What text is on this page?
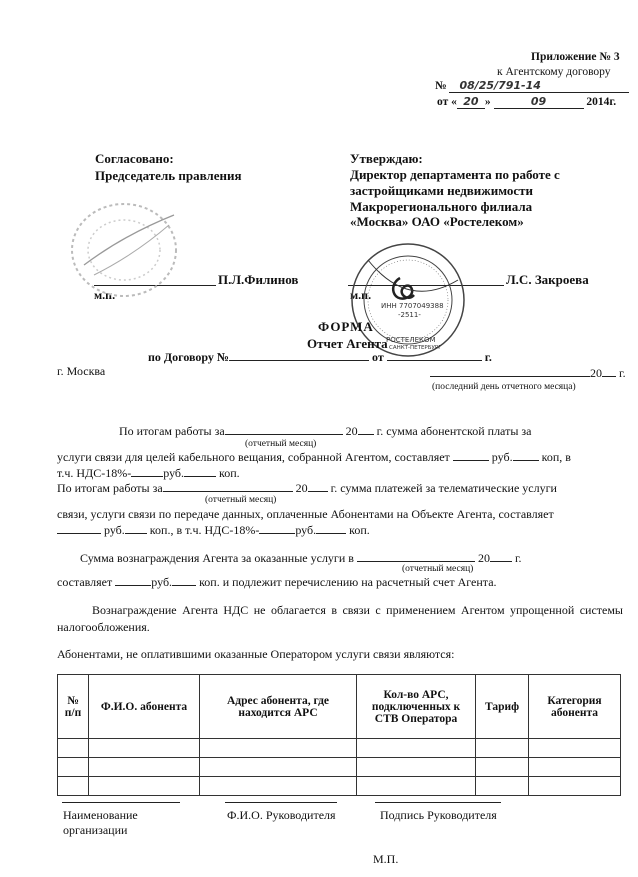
Приложение № 3
к Агентскому договору
№ 08/25/791-14
от « 20 »	09	2014г.
Согласовано:
Председатель правления
П.Л.Филинов
м.п.
Утверждаю:
Директор департамента по работе с
застройщиками недвижимости
Макрорегионального филиала
«Москва» ОАО «Ростелеком»
Л.С. Закроева
м.п.
ИНН 7707049388
-2511-
РОСТЕЛЕКОМ
САНКТ-ПЕТЕРБУРГ
ФОРМА
Отчет Агента
по Договору №	от	г.
г. Москва	20 г.
(последний день отчетного месяца)
По итогам работы за	20 г. сумма абонентской платы за
(отчетный месяц)
услуги связи для целей кабельного вещания, собранной Агентом, составляет	руб. коп, в
т.ч. НДС-18%-	руб.	коп.
По итогам работы за	20 г. сумма платежей за телематические услуги
(отчетный месяц)
связи, услуги связи по передаче данных, оплаченные Абонентами на Объекте Агента, составляет
руб. коп., в т.ч. НДС-18%-	руб.	коп.
Сумма вознаграждения Агента за оказанные услуги в	20 г.
(отчетный месяц)
составляет	руб. коп. и подлежит перечислению на расчетный счет Агента.
Вознаграждение Агента НДС не облагается в связи с применением Агентом упрощенной системы налогообложения.
Абонентами, не оплатившими оказанные Оператором услуги связи являются:
№ п/п	Ф.И.О. абонента	Адрес абонента, где находится АРС	Кол-во АРС, подключенных к СТВ Оператора	Тариф	Категория абонента

Наименование организации
Ф.И.О. Руководителя	Подпись Руководителя
М.П.
